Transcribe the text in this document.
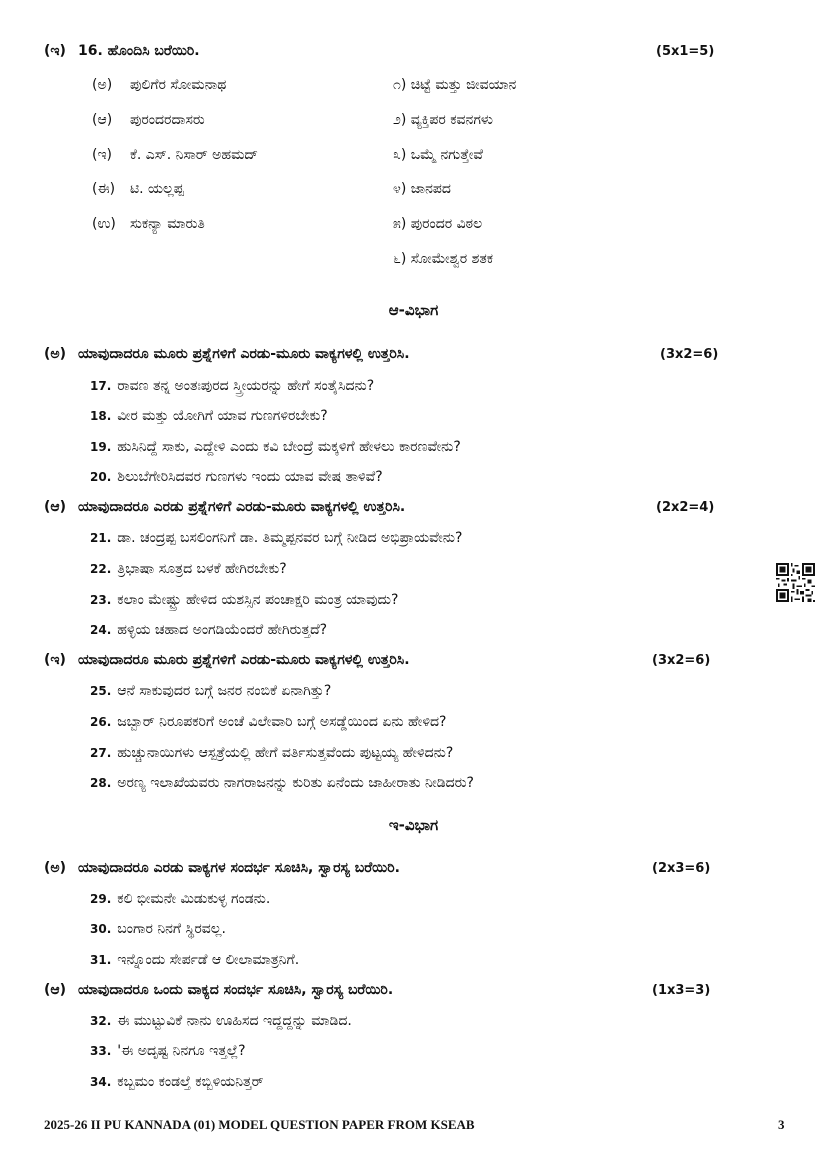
(ಇ) 16. ಹೊಂದಿಸಿ ಬರೆಯಿರಿ.	(5x1=5)
(ಅ) ಪುಲಿಗೆರ ಸೋಮನಾಥ
(ಆ) ಪುರಂದರದಾಸರು
(ಇ) ಕೆ. ಎಸ್. ನಿಸಾರ್ ಅಹಮದ್
(ಈ) ಟಿ. ಯಲ್ಲಪ್ಪ
(ಉ) ಸುಕನ್ಯಾ ಮಾರುತಿ
೧) ಚಿಟ್ಟೆ ಮತ್ತು ಜೀವಯಾನ
೨) ವ್ಯಕ್ತಿಪರ ಕವನಗಳು
೩) ಒಮ್ಮೆ ನಗುತ್ತೇವೆ
೪) ಜಾನಪದ
೫) ಪುರಂದರ ವಿಠಲ
೬) ಸೋಮೇಶ್ವರ ಶತಕ
ಆ-ವಿಭಾಗ
(ಅ) ಯಾವುದಾದರೂ ಮೂರು ಪ್ರಶ್ನೆಗಳಿಗೆ ಎರಡು-ಮೂರು ವಾಕ್ಯಗಳಲ್ಲಿ ಉತ್ತರಿಸಿ.	(3x2=6)
17. ರಾವಣ ತನ್ನ ಅಂತಃಪುರದ ಸ್ತ್ರೀಯರನ್ನು ಹೇಗೆ ಸಂತೈಸಿದನು?
18. ವೀರ ಮತ್ತು ಯೋಗಿಗೆ ಯಾವ ಗುಣಗಳಿರಬೇಕು?
19. ಹುಸಿನಿದ್ದೆ ಸಾಕು, ಎದ್ದೇಳಿ ಎಂದು ಕವಿ ಬೇಂದ್ರೆ ಮಕ್ಕಳಿಗೆ ಹೇಳಲು ಕಾರಣವೇನು?
20. ಶಿಲುಬೆಗೇರಿಸಿದವರ ಗುಣಗಳು ಇಂದು ಯಾವ ವೇಷ ತಾಳಿವೆ?
(ಆ) ಯಾವುದಾದರೂ ಎರಡು ಪ್ರಶ್ನೆಗಳಿಗೆ ಎರಡು-ಮೂರು ವಾಕ್ಯಗಳಲ್ಲಿ ಉತ್ತರಿಸಿ.	(2x2=4)
21. ಡಾ. ಚಂದ್ರಪ್ಪ ಬಸಲಿಂಗನಿಗೆ ಡಾ. ತಿಮ್ಮಪ್ಪನವರ ಬಗ್ಗೆ ನೀಡಿದ ಅಭಿಪ್ರಾಯವೇನು?
22. ತ್ರಿಭಾಷಾ ಸೂತ್ರದ ಬಳಕೆ ಹೇಗಿರಬೇಕು?
23. ಕಲಾಂ ಮೇಷ್ಟ್ರು ಹೇಳಿದ ಯಶಸ್ಸಿನ ಪಂಚಾಕ್ಷರಿ ಮಂತ್ರ ಯಾವುದು?
24. ಹಳ್ಳಿಯ ಚಹಾದ ಅಂಗಡಿಯೆಂದರೆ ಹೇಗಿರುತ್ತದೆ?
(ಇ) ಯಾವುದಾದರೂ ಮೂರು ಪ್ರಶ್ನೆಗಳಿಗೆ ಎರಡು-ಮೂರು ವಾಕ್ಯಗಳಲ್ಲಿ ಉತ್ತರಿಸಿ.	(3x2=6)
25. ಆನೆ ಸಾಕುವುದರ ಬಗ್ಗೆ ಜನರ ನಂಬಿಕೆ ಏನಾಗಿತ್ತು?
26. ಜಬ್ಬಾರ್ ನಿರೂಪಕರಿಗೆ ಅಂಚೆ ವಿಲೇವಾರಿ ಬಗ್ಗೆ ಅಸಡ್ಡೆಯಿಂದ ಏನು ಹೇಳಿದ?
27. ಹುಚ್ಚುನಾಯಿಗಳು ಆಸ್ಪತ್ರೆಯಲ್ಲಿ ಹೇಗೆ ವರ್ತಿಸುತ್ತವೆಂದು ಪುಟ್ಟಯ್ಯ ಹೇಳಿದನು?
28. ಅರಣ್ಯ ಇಲಾಖೆಯವರು ನಾಗರಾಜನನ್ನು ಕುರಿತು ಏನೆಂದು ಜಾಹೀರಾತು ನೀಡಿದರು?
ಇ-ವಿಭಾಗ
(ಅ) ಯಾವುದಾದರೂ ಎರಡು ವಾಕ್ಯಗಳ ಸಂದರ್ಭ ಸೂಚಿಸಿ, ಸ್ವಾರಸ್ಯ ಬರೆಯಿರಿ.	(2x3=6)
29. ಕಲಿ ಭೀಮನೇ ಮಿಡುಕುಳ್ಳ ಗಂಡನು.
30. ಬಂಗಾರ ನಿನಗೆ ಸ್ಥಿರವಲ್ಲ.
31. ಇನ್ನೊಂದು ಸೇರ್ಪಡೆ ಆ ಲೀಲಾಮಾತ್ರನಿಗೆ.
(ಆ) ಯಾವುದಾದರೂ ಒಂದು ವಾಕ್ಯದ ಸಂದರ್ಭ ಸೂಚಿಸಿ, ಸ್ವಾರಸ್ಯ ಬರೆಯಿರಿ.	(1x3=3)
32. ಈ ಮುಟ್ಟುವಿಕೆ ನಾನು ಊಹಿಸದ ಇದ್ದದ್ದನ್ನು ಮಾಡಿದ.
33. 'ಈ ಅದೃಷ್ಟ ನಿನಗೂ ಇತ್ತಲ್ಲೆ?
34. ಕಬ್ಬಮಂ ಕಂಡಲ್ತೆ ಕಬ್ಬಿಳಿಯನಿತ್ತರ್
2025-26 II PU KANNADA (01) MODEL QUESTION PAPER FROM KSEAB	3
